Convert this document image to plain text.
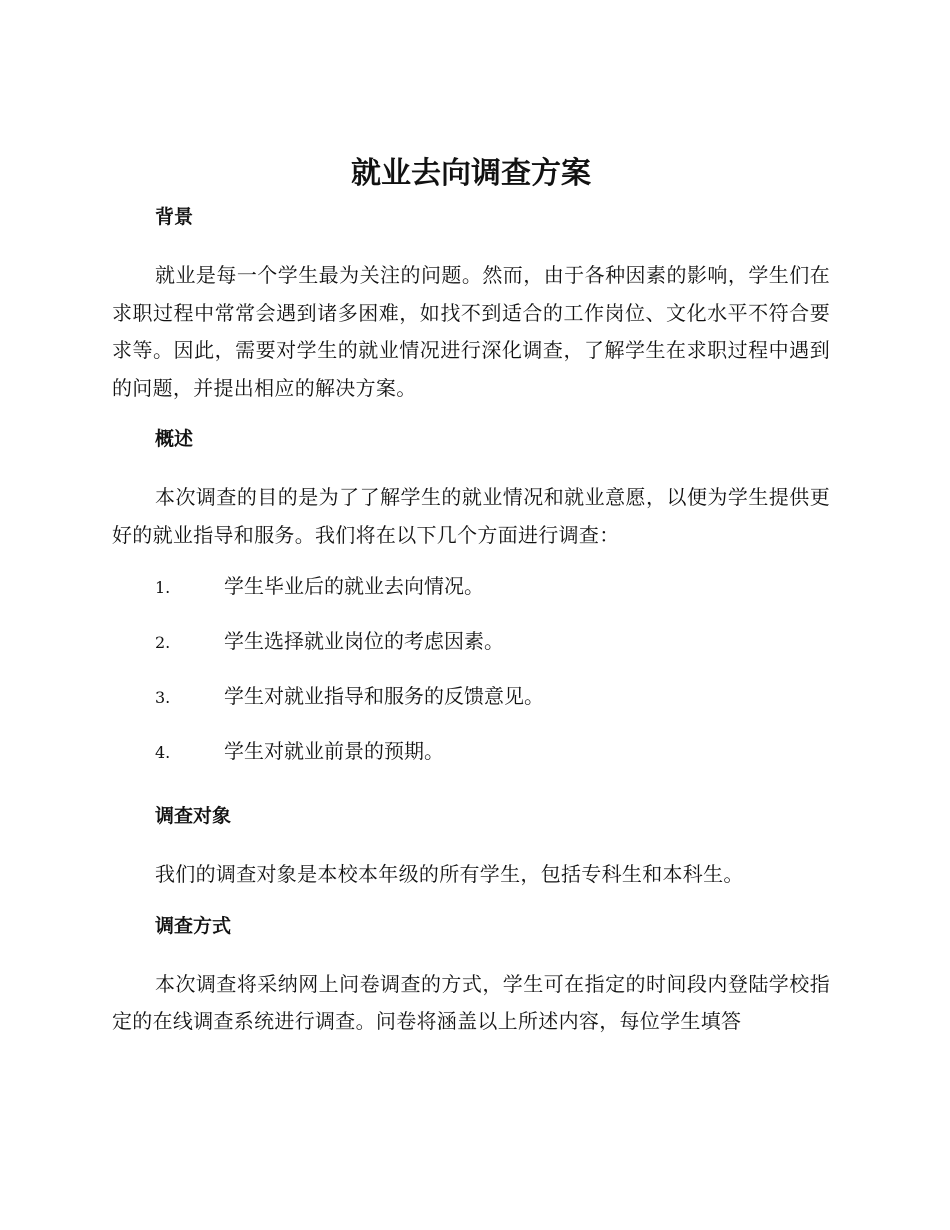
就业去向调查方案
背景

就业是每一个学生最为关注的问题。然而，由于各种因素的影响，学生们在求职过程中常常会遇到诸多困难，如找不到适合的工作岗位、文化水平不符合要求等。因此，需要对学生的就业情况进行深化调查，了解学生在求职过程中遇到的问题，并提出相应的解决方案。

概述

本次调查的目的是为了了解学生的就业情况和就业意愿，以便为学生提供更好的就业指导和服务。我们将在以下几个方面进行调查：

1.	学生毕业后的就业去向情况。
2.	学生选择就业岗位的考虑因素。
3.	学生对就业指导和服务的反馈意见。
4.	学生对就业前景的预期。
调查对象

我们的调查对象是本校本年级的所有学生，包括专科生和本科生。

调查方式

本次调查将采纳网上问卷调查的方式，学生可在指定的时间段内登陆学校指定的在线调查系统进行调查。问卷将涵盖以上所述内容，每位学生填答
